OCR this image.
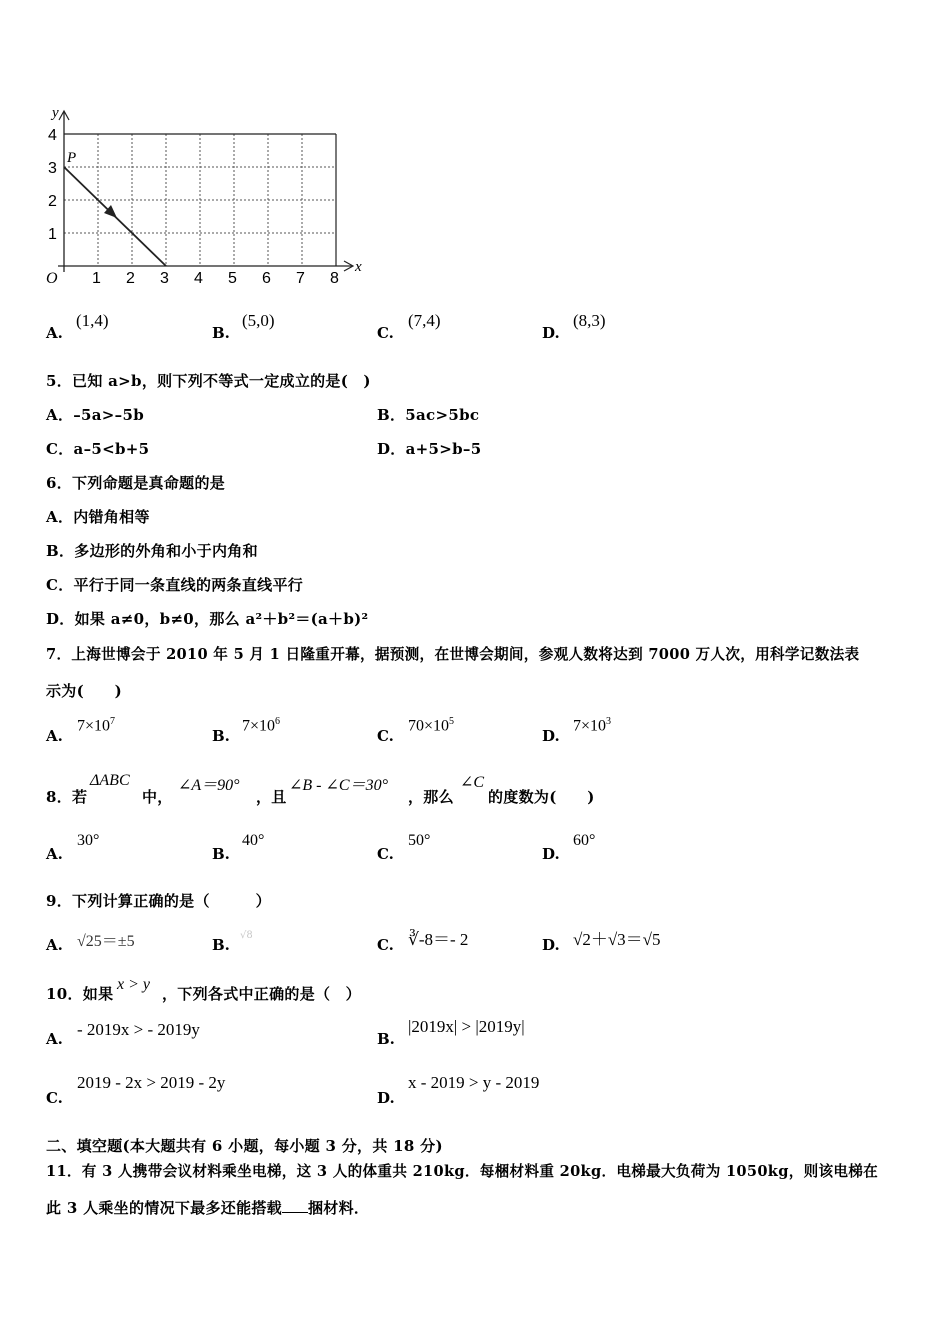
y
x
O
P
4
3
2
1
1 2 3 4 5 6 7 8
A.
(1,4)
B.
(5,0)
C.
(7,4)
D.
(8,3)
5．已知 a>b，则下列不等式一定成立的是(　)
A．–5a>–5b	B．5ac>5bc
C．a–5<b+5	D．a+5>b–5
6．下列命题是真命题的是
A．内错角相等
B．多边形的外角和小于内角和
C．平行于同一条直线的两条直线平行
D．如果 a≠0，b≠0，那么 a²＋b²＝(a＋b)²
7．上海世博会于 2010 年 5 月 1 日隆重开幕，据预测，在世博会期间，参观人数将达到 7000 万人次，用科学记数法表
示为(　　)
A.
$7\times 10^7$
B.
$7\times 10^6$
C.
$70\times 10^5$
D.
$7\times 10^3$
8．若
ΔABC
中，
∠A＝90°
，且
∠B - ∠C＝30°
，那么
∠C
的度数为(　　)
A.
30°
B.
40°
C.
50°
D.
60°
9．下列计算正确的是（　　　）
A. √25＝±5	B.
√8
C. ∛-8＝- 2	D. √2＋√3＝√5
10．如果
x > y
，下列各式中正确的是（　）
A. - 2019x > - 2019y	B.
|2019x| > |2019y|
C.
2019 - 2x > 2019 - 2y
D.
x - 2019 > y - 2019
二、填空题(本大题共有 6 小题，每小题 3 分，共 18 分)
11．有 3 人携带会议材料乘坐电梯，这 3 人的体重共 210kg．每梱材料重 20kg．电梯最大负荷为 1050kg，则该电梯在
此 3 人乘坐的情况下最多还能搭载 捆材料．
